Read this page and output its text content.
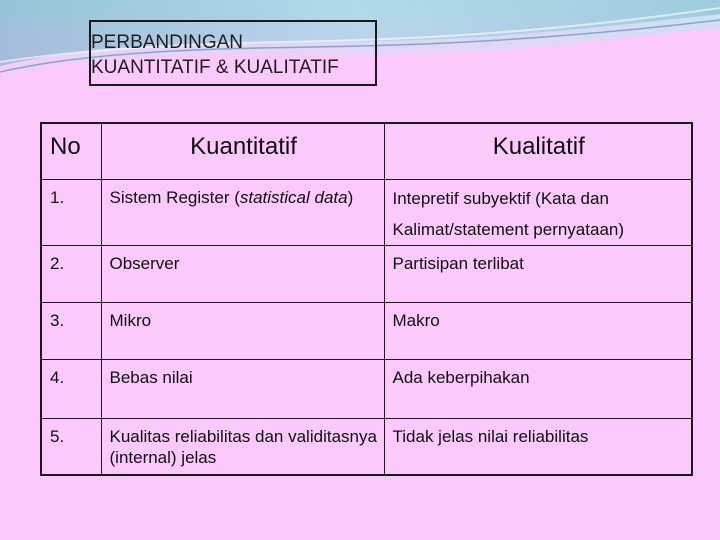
PERBANDINGAN
KUANTITATIF & KUALITATIF
No	Kuantitatif	Kualitatif
1.	Sistem Register (statistical data)	Intepretif subyektif (Kata dan Kalimat/statement pernyataan)
2.	Observer	Partisipan terlibat
3.	Mikro	Makro
4.	Bebas nilai	Ada keberpihakan
5.	Kualitas reliabilitas dan validitasnya (internal) jelas	Tidak jelas nilai reliabilitas
